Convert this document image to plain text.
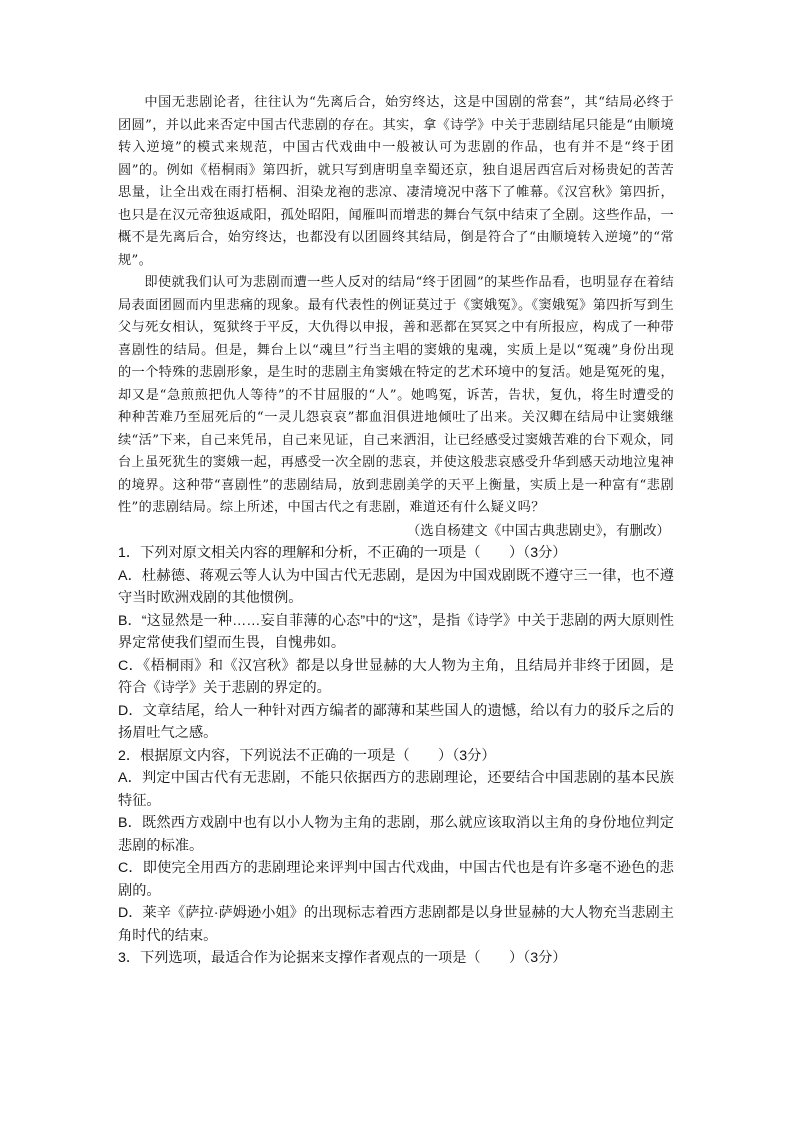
中国无悲剧论者，往往认为“先离后合，始穷终达，这是中国剧的常套”，其“结局必终于团圆”，并以此来否定中国古代悲剧的存在。其实，拿《诗学》中关于悲剧结尾只能是“由顺境转入逆境”的模式来规范，中国古代戏曲中一般被认可为悲剧的作品，也有并不是“终于团圆”的。例如《梧桐雨》第四折，就只写到唐明皇幸蜀还京，独自退居西宫后对杨贵妃的苦苦思量，让全出戏在雨打梧桐、泪染龙袍的悲凉、凄清境况中落下了帷幕。《汉宫秋》第四折，也只是在汉元帝独返咸阳，孤处昭阳，闻雁叫而增悲的舞台气氛中结束了全剧。这些作品，一概不是先离后合，始穷终达，也都没有以团圆终其结局，倒是符合了“由顺境转入逆境”的“常规”。

即使就我们认可为悲剧而遭一些人反对的结局“终于团圆”的某些作品看，也明显存在着结局表面团圆而内里悲痛的现象。最有代表性的例证莫过于《窦娥冤》。《窦娥冤》第四折写到生父与死女相认，冤狱终于平反，大仇得以申报，善和恶都在冥冥之中有所报应，构成了一种带喜剧性的结局。但是，舞台上以“魂旦”行当主唱的窦娥的鬼魂，实质上是以“冤魂”身份出现的一个特殊的悲剧形象，是生时的悲剧主角窦娥在特定的艺术环境中的复活。她是冤死的鬼，却又是“急煎煎把仇人等待”的不甘屈服的“人”。她鸣冤，诉苦，告状，复仇，将生时遭受的种种苦难乃至屈死后的“一灵儿怨哀哀”都血泪俱进地倾吐了出来。关汉卿在结局中让窦娥继续“活”下来，自己来凭吊，自己来见证，自己来洒泪，让已经感受过窦娥苦难的台下观众，同台上虽死犹生的窦娥一起，再感受一次全剧的悲哀，并使这般悲哀感受升华到感天动地泣鬼神的境界。这种带“喜剧性”的悲剧结局，放到悲剧美学的天平上衡量，实质上是一种富有“悲剧性”的悲剧结局。综上所述，中国古代之有悲剧，难道还有什么疑义吗？

（选自杨建文《中国古典悲剧史》，有删改）

1．下列对原文相关内容的理解和分析，不正确的一项是（　　）（3分）

A．杜赫德、蒋观云等人认为中国古代无悲剧，是因为中国戏剧既不遵守三一律，也不遵守当时欧洲戏剧的其他惯例。

B．“这显然是一种……妄自菲薄的心态”中的“这”，是指《诗学》中关于悲剧的两大原则性界定常使我们望而生畏，自愧弗如。

C．《梧桐雨》和《汉宫秋》都是以身世显赫的大人物为主角，且结局并非终于团圆，是符合《诗学》关于悲剧的界定的。

D．文章结尾，给人一种针对西方编者的鄙薄和某些国人的遗憾，给以有力的驳斥之后的扬眉吐气之感。

2．根据原文内容，下列说法不正确的一项是（　　）（3分）

A．判定中国古代有无悲剧，不能只依据西方的悲剧理论，还要结合中国悲剧的基本民族特征。

B．既然西方戏剧中也有以小人物为主角的悲剧，那么就应该取消以主角的身份地位判定悲剧的标准。

C．即使完全用西方的悲剧理论来评判中国古代戏曲，中国古代也是有许多毫不逊色的悲剧的。

D．莱辛《萨拉·萨姆逊小姐》的出现标志着西方悲剧都是以身世显赫的大人物充当悲剧主角时代的结束。

3．下列选项，最适合作为论据来支撑作者观点的一项是（　　）（3分）
